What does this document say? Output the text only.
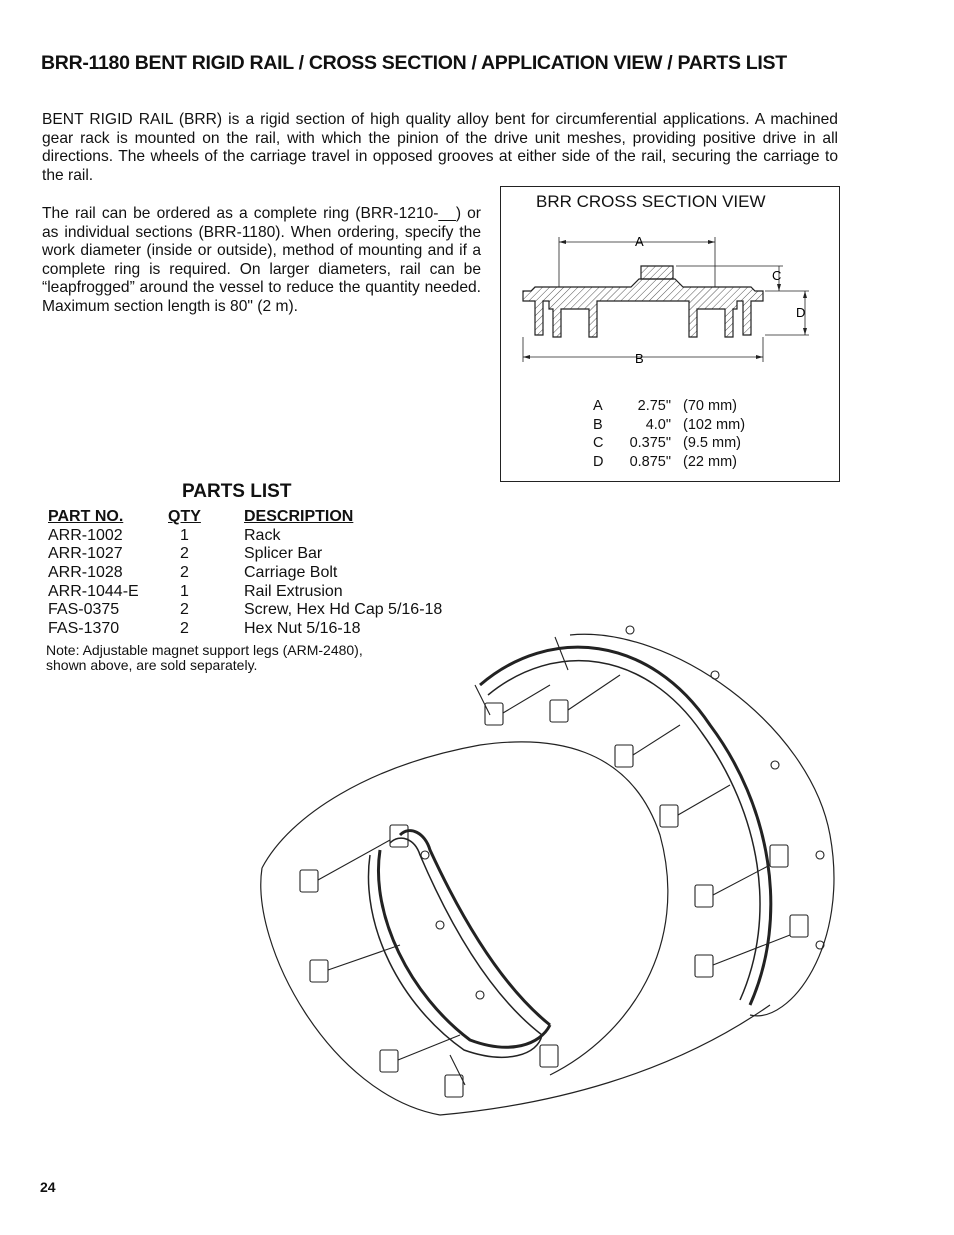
BRR-1180 BENT RIGID RAIL / CROSS SECTION / APPLICATION VIEW / PARTS LIST

BENT RIGID RAIL (BRR) is a rigid section of high quality alloy bent for circumferential applications. A machined gear rack is mounted on the rail, with which the pinion of the drive unit meshes, providing positive drive in all directions. The wheels of the carriage travel in opposed grooves at either side of the rail, securing the carriage to the rail.

The rail can be ordered as a complete ring (BRR-1210-__) or as individual sections (BRR-1180). When ordering, specify the work diameter (inside or outside), method of mounting and if a complete ring is required. On larger diameters, rail can be “leapfrogged” around the vessel to reduce the quantity needed. Maximum section length is 80" (2 m).

BRR CROSS SECTION VIEW
A
B
C
D
A 2.75" (70 mm)
B	4.0" (102 mm)
C 0.375" (9.5 mm)
D 0.875" (22 mm)
PARTS LIST
PART NO.	QTY	DESCRIPTION
ARR-1002	1	Rack
ARR-1027	2	Splicer Bar
ARR-1028	2	Carriage Bolt
ARR-1044-E	1	Rail Extrusion
FAS-0375	2	Screw, Hex Hd Cap 5/16-18
FAS-1370	2	Hex Nut 5/16-18
Note: Adjustable magnet support legs (ARM-2480),
shown above, are sold separately.
24
